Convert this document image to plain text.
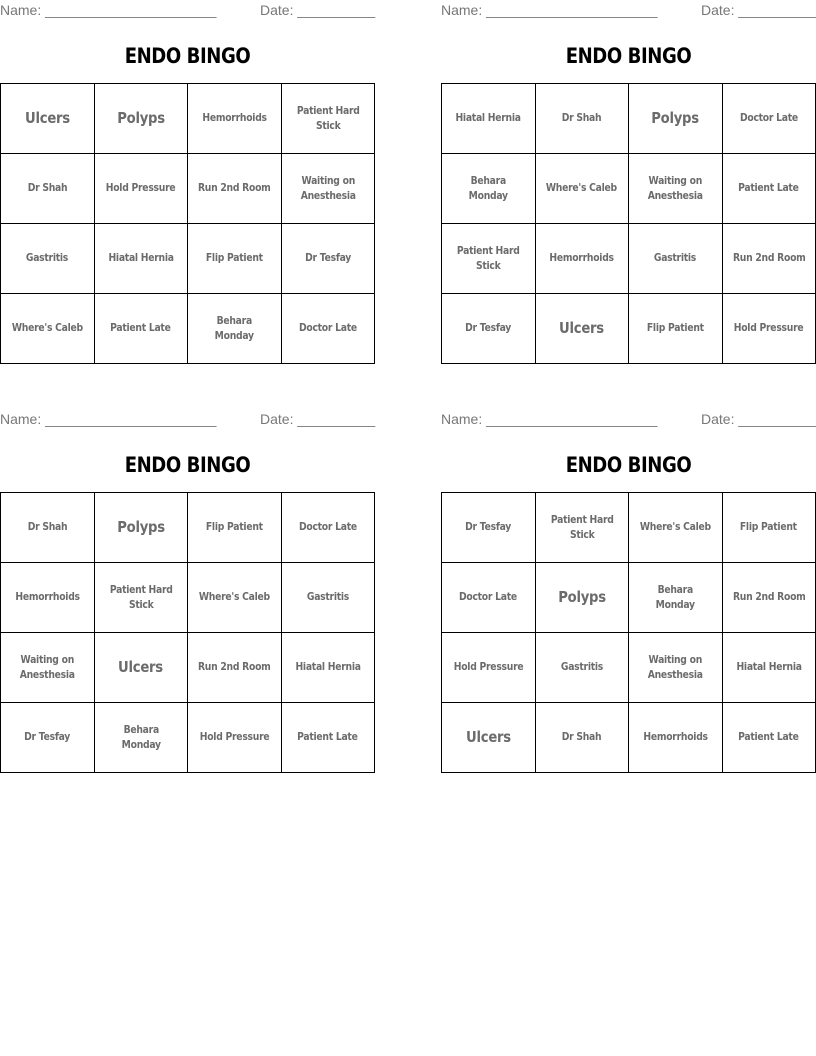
Name: ______________________	Date: __________
ENDO BINGO
Ulcers	Polyps	Hemorrhoids	Patient Hard Stick
Dr Shah	Hold Pressure	Run 2nd Room	Waiting on Anesthesia
Gastritis	Hiatal Hernia	Flip Patient	Dr Tesfay
Where's Caleb	Patient Late	Behara Monday	Doctor Late
Name: ______________________	Date: __________
ENDO BINGO
Hiatal Hernia	Dr Shah	Polyps	Doctor Late
Behara Monday	Where's Caleb	Waiting on Anesthesia	Patient Late
Patient Hard Stick	Hemorrhoids	Gastritis	Run 2nd Room
Dr Tesfay	Ulcers	Flip Patient	Hold Pressure
Name: ______________________	Date: __________
ENDO BINGO
Dr Shah	Polyps	Flip Patient	Doctor Late
Hemorrhoids	Patient Hard Stick	Where's Caleb	Gastritis
Waiting on Anesthesia	Ulcers	Run 2nd Room	Hiatal Hernia
Dr Tesfay	Behara Monday	Hold Pressure	Patient Late
Name: ______________________	Date: __________
ENDO BINGO
Dr Tesfay	Patient Hard Stick	Where's Caleb	Flip Patient
Doctor Late	Polyps	Behara Monday	Run 2nd Room
Hold Pressure	Gastritis	Waiting on Anesthesia	Hiatal Hernia
Ulcers	Dr Shah	Hemorrhoids	Patient Late
